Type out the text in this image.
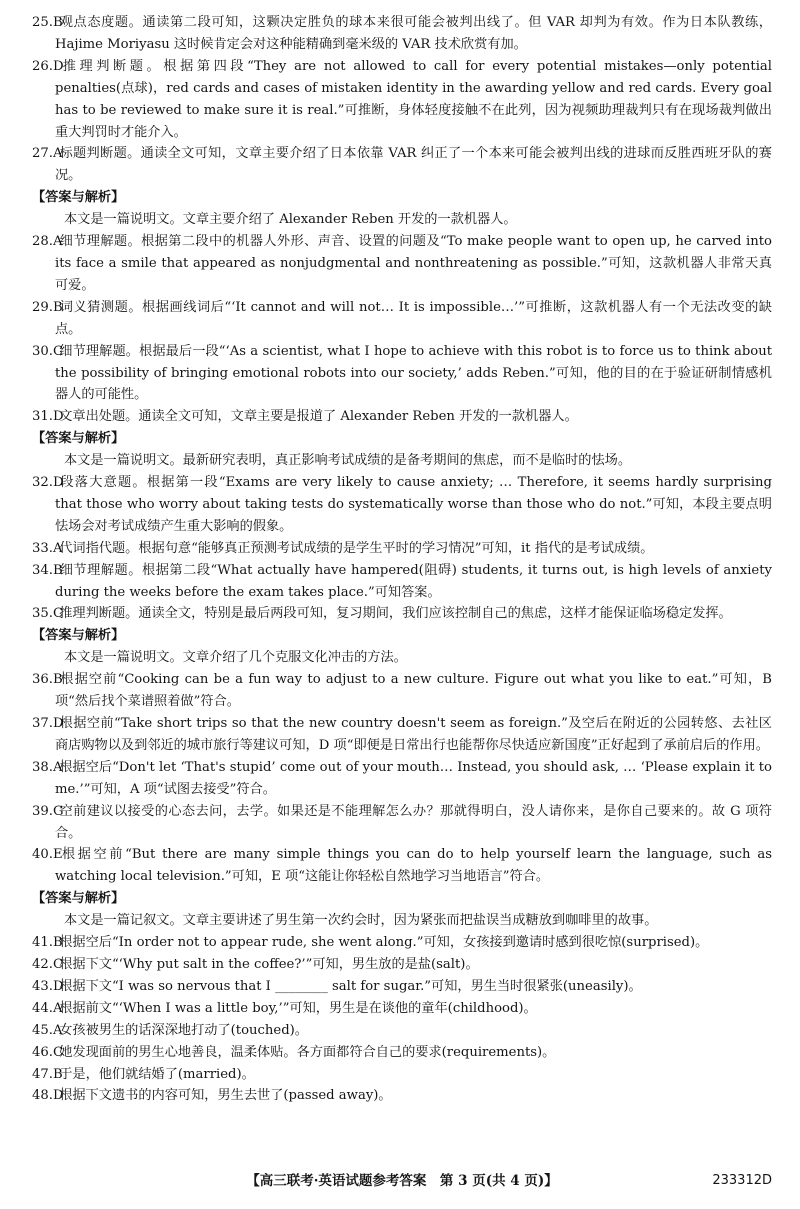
25.B 观点态度题。通读第二段可知，这颗决定胜负的球本来很可能会被判出线了。但 VAR 却判为有效。作为日本队教练，Hajime Moriyasu 这时候肯定会对这种能精确到毫米级的 VAR 技术欣赏有加。
26.D 推理判断题。根据第四段“They are not allowed to call for every potential mistakes—only potential penalties(点球)，red cards and cases of mistaken identity in the awarding yellow and red cards. Every goal has to be reviewed to make sure it is real.”可推断，身体轻度接触不在此列，因为视频助理裁判只有在现场裁判做出重大判罚时才能介入。
27.A 标题判断题。通读全文可知，文章主要介绍了日本依靠 VAR 纠正了一个本来可能会被判出线的进球而反胜西班牙队的赛况。
【答案与解析】
本文是一篇说明文。文章主要介绍了 Alexander Reben 开发的一款机器人。
28.A 细节理解题。根据第二段中的机器人外形、声音、设置的问题及“To make people want to open up, he carved into its face a smile that appeared as nonjudgmental and nonthreatening as possible.”可知，这款机器人非常天真可爱。
29.B 词义猜测题。根据画线词后“‘It cannot and will not… It is impossible…’”可推断，这款机器人有一个无法改变的缺点。
30.C 细节理解题。根据最后一段“‘As a scientist, what I hope to achieve with this robot is to force us to think about the possibility of bringing emotional robots into our society,’ adds Reben.”可知，他的目的在于验证研制情感机器人的可能性。
31.D 文章出处题。通读全文可知，文章主要是报道了 Alexander Reben 开发的一款机器人。
【答案与解析】
本文是一篇说明文。最新研究表明，真正影响考试成绩的是备考期间的焦虑，而不是临时的怯场。
32.D 段落大意题。根据第一段“Exams are very likely to cause anxiety; … Therefore, it seems hardly surprising that those who worry about taking tests do systematically worse than those who do not.”可知，本段主要点明怯场会对考试成绩产生重大影响的假象。
33.A 代词指代题。根据句意“能够真正预测考试成绩的是学生平时的学习情况”可知，it 指代的是考试成绩。
34.B 细节理解题。根据第二段“What actually have hampered(阻碍) students, it turns out, is high levels of anxiety during the weeks before the exam takes place.”可知答案。
35.C 推理判断题。通读全文，特别是最后两段可知，复习期间，我们应该控制自己的焦虑，这样才能保证临场稳定发挥。
【答案与解析】
本文是一篇说明文。文章介绍了几个克服文化冲击的方法。
36.B 根据空前“Cooking can be a fun way to adjust to a new culture. Figure out what you like to eat.”可知，B 项“然后找个菜谱照着做”符合。
37.D 根据空前“Take short trips so that the new country doesn't seem as foreign.”及空后在附近的公园转悠、去社区商店购物以及到邻近的城市旅行等建议可知，D 项“即便是日常出行也能帮你尽快适应新国度”正好起到了承前启后的作用。
38.A 根据空后“Don't let ‘That's stupid’ come out of your mouth… Instead, you should ask, … ‘Please explain it to me.’”可知，A 项“试图去接受”符合。
39.G 空前建议以接受的心态去问，去学。如果还是不能理解怎么办？那就得明白，没人请你来，是你自己要来的。故 G 项符合。
40.E 根据空前“But there are many simple things you can do to help yourself learn the language, such as watching local television.”可知，E 项“这能让你轻松自然地学习当地语言”符合。
【答案与解析】
本文是一篇记叙文。文章主要讲述了男生第一次约会时，因为紧张而把盐误当成糖放到咖啡里的故事。
41.B 根据空后“In order not to appear rude, she went along.”可知，女孩接到邀请时感到很吃惊(surprised)。
42.C 根据下文“‘Why put salt in the coffee?’”可知，男生放的是盐(salt)。
43.D 根据下文“I was so nervous that I ________ salt for sugar.”可知，男生当时很紧张(uneasily)。
44.A 根据前文“‘When I was a little boy,’”可知，男生是在谈他的童年(childhood)。
45.A 女孩被男生的话深深地打动了(touched)。
46.C 她发现面前的男生心地善良，温柔体贴。各方面都符合自己的要求(requirements)。
47.B 于是，他们就结婚了(married)。
48.D 根据下文遗书的内容可知，男生去世了(passed away)。
【高三联考·英语试题参考答案　第 3 页(共 4 页)】	233312D
